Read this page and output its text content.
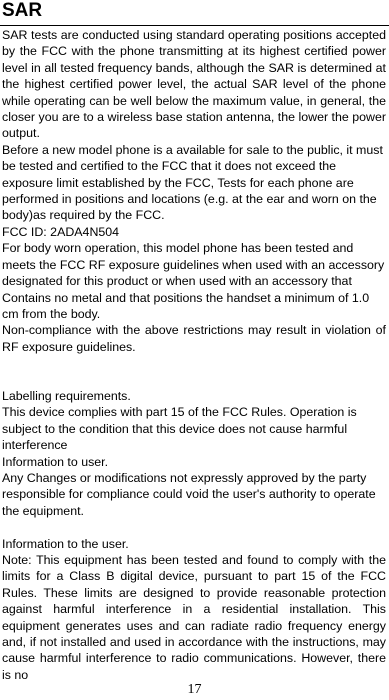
SAR

SAR tests are conducted using standard operating positions accepted by the FCC with the phone transmitting at its highest certified power level in all tested frequency bands, although the SAR is determined at the highest certified power level, the actual SAR level of the phone while operating can be well below the maximum value, in general, the closer you are to a wireless base station antenna, the lower the power output.

Before a new model phone is a available for sale to the public, it must be tested and certified to the FCC that it does not exceed the exposure limit established by the FCC, Tests for each phone are performed in positions and locations (e.g. at the ear and worn on the body)as required by the FCC.

FCC ID: 2ADA4N504

For body worn operation, this model phone has been tested and meets the FCC RF exposure guidelines when used with an accessory designated for this product or when used with an accessory that

Contains no metal and that positions the handset a minimum of 1.0 cm from the body.

Non-compliance with the above restrictions may result in violation of RF exposure guidelines.

Labelling requirements.

This device complies with part 15 of the FCC Rules. Operation is subject to the condition that this device does not cause harmful interference

Information to user.

Any Changes or modifications not expressly approved by the party responsible for compliance could void the user's authority to operate the equipment.

Information to the user.

Note: This equipment has been tested and found to comply with the limits for a Class B digital device, pursuant to part 15 of the FCC Rules. These limits are designed to provide reasonable protection against harmful interference in a residential installation. This equipment generates uses and can radiate radio frequency energy and, if not installed and used in accordance with the instructions, may cause harmful interference to radio communications. However, there is no

17
